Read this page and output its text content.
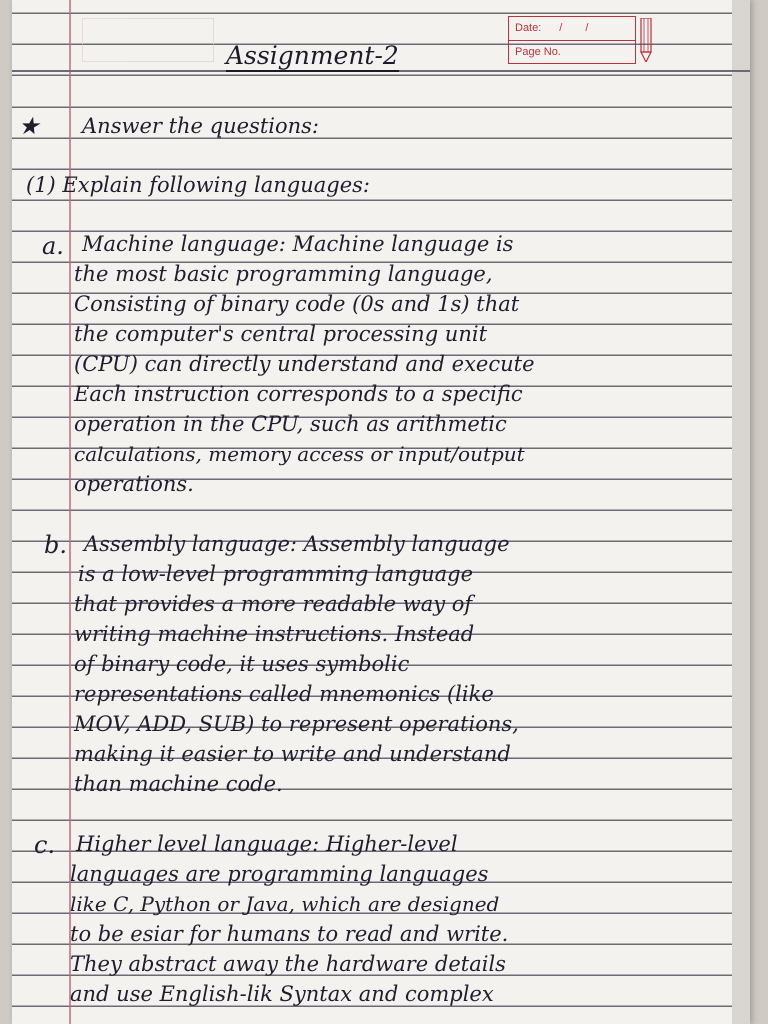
Date: / /
Page No.
Assignment-2
★ Answer the questions:
(1) Explain following languages:
a. Machine language: Machine language is
the most basic programming language,
Consisting of binary code (0s and 1s) that
the computer's central processing unit
(CPU) can directly understand and execute
Each instruction corresponds to a specific
operation in the CPU, such as arithmetic
calculations, memory access or input/output
operations.
b. Assembly language: Assembly language
is a low-level programming language
that provides a more readable way of
writing machine instructions. Instead
of binary code, it uses symbolic
representations called mnemonics (like
MOV, ADD, SUB) to represent operations,
making it easier to write and understand
than machine code.
c. Higher level language: Higher-level
languages are programming languages
like C, Python or Java, which are designed
to be esiar for humans to read and write.
They abstract away the hardware details
and use English-lik Syntax and complex
